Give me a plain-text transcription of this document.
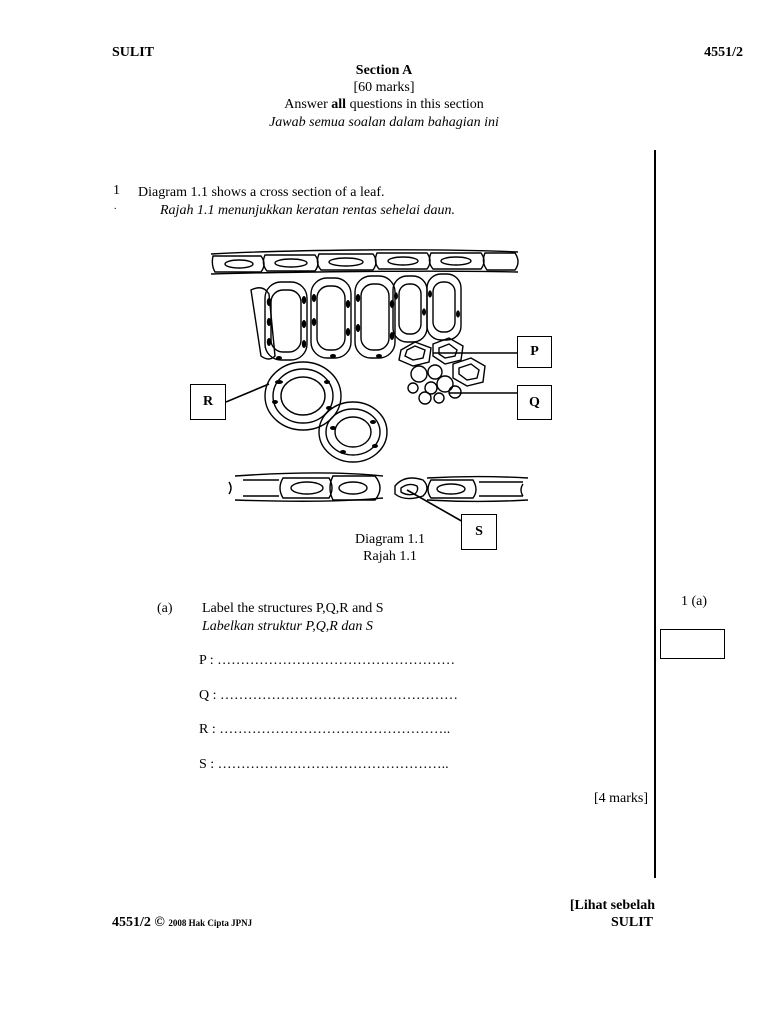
SULIT	4551/2
Section A
[60 marks]
Answer all questions in this section
Jawab semua soalan dalam bahagian ini
1
.
Diagram 1.1 shows a cross section of a leaf.
Rajah 1.1 menunjukkan keratan rentas sehelai daun.
P
Q
R
S
Diagram 1.1
Rajah 1.1
(a) Label the structures P,Q,R and S
Labelkan struktur P,Q,R dan S
P : ……………………………………………
Q : ……………………………………………
R : …………………………………………..
S : …………………………………………..
[4 marks]
1 (a)
4551/2 © 2008 Hak Cipta JPNJ
[Lihat sebelah
SULIT
